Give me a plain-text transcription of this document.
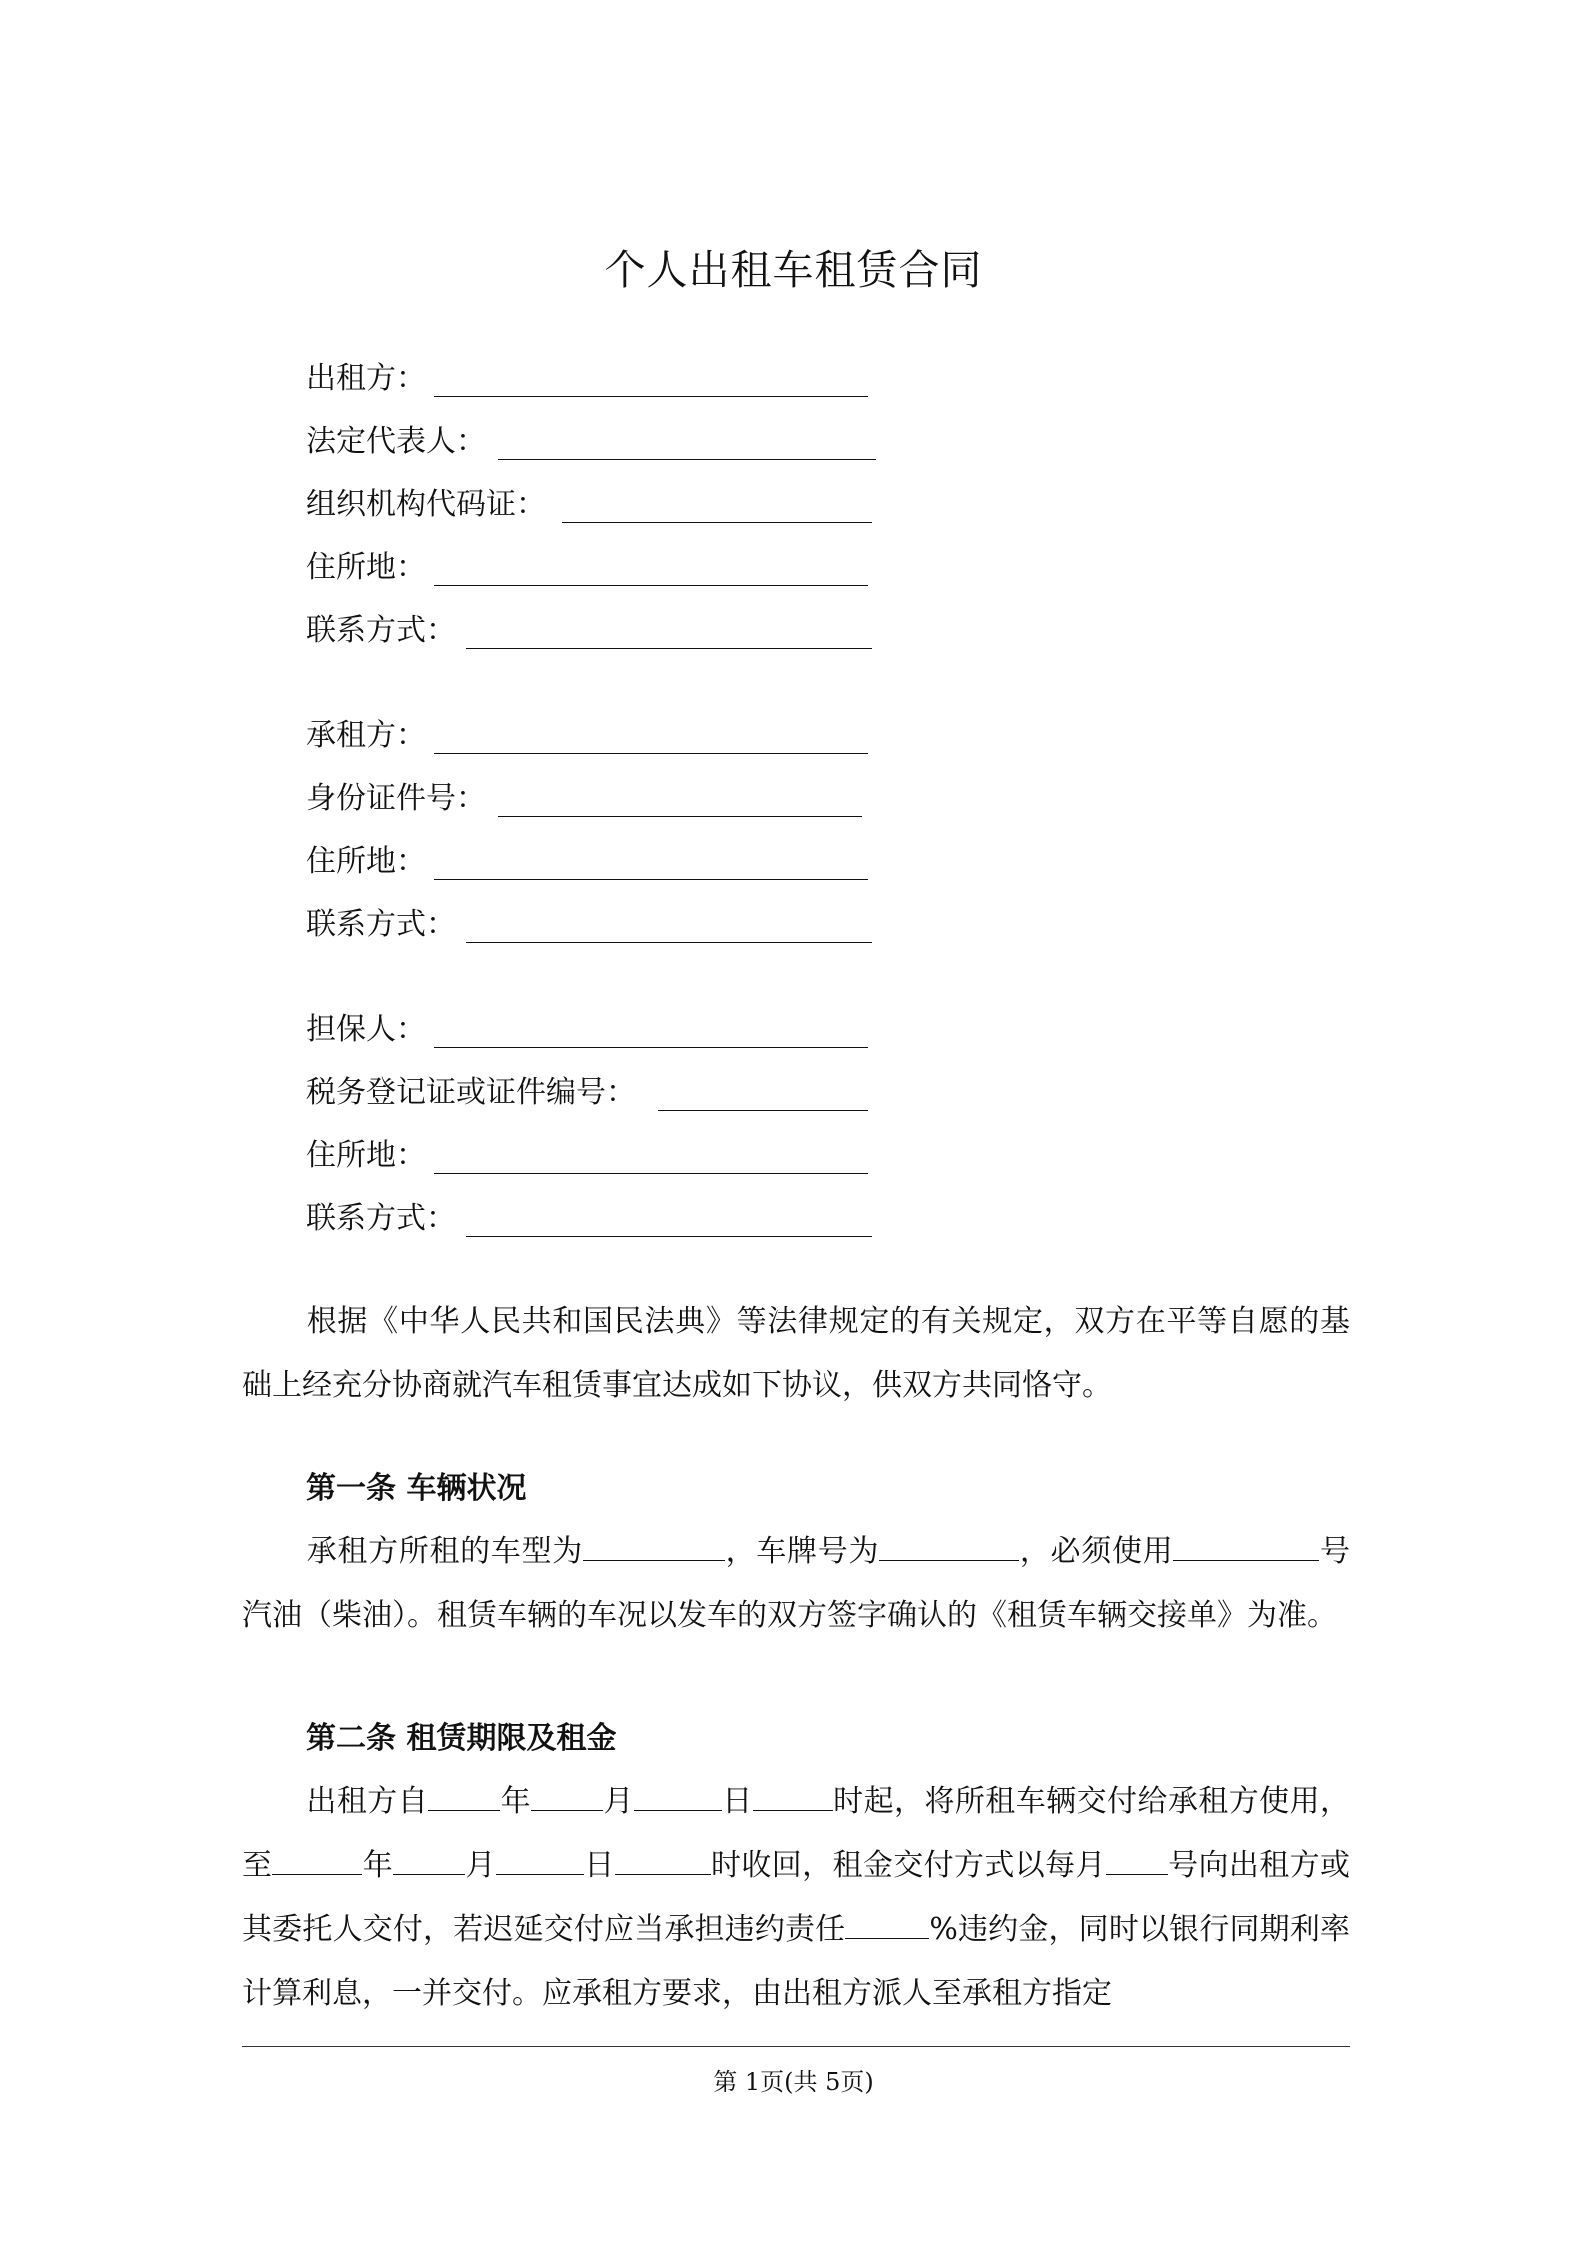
个人出租车租赁合同
出租方：
法定代表人：
组织机构代码证：
住所地：
联系方式：
承租方：
身份证件号：
住所地：
联系方式：
担保人：
税务登记证或证件编号：
住所地：
联系方式：
根据《中华人民共和国民法典》等法律规定的有关规定，双方在平等自愿的基础上经充分协商就汽车租赁事宜达成如下协议，供双方共同恪守。
第一条 车辆状况
承租方所租的车型为	，车牌号为	，必须使用	号汽油（柴油）。租赁车辆的车况以发车的双方签字确认的《租赁车辆交接单》为准。
第二条 租赁期限及租金
出租方自 年 月	日	时起，将所租车辆交付给承租方使用，至	年 月	日	时收回，租金交付方式以每月 号向出租方或其委托人交付，若迟延交付应当承担违约责任	%违约金，同时以银行同期利率计算利息，一并交付。应承租方要求，由出租方派人至承租方指定
第 1页(共 5页)
